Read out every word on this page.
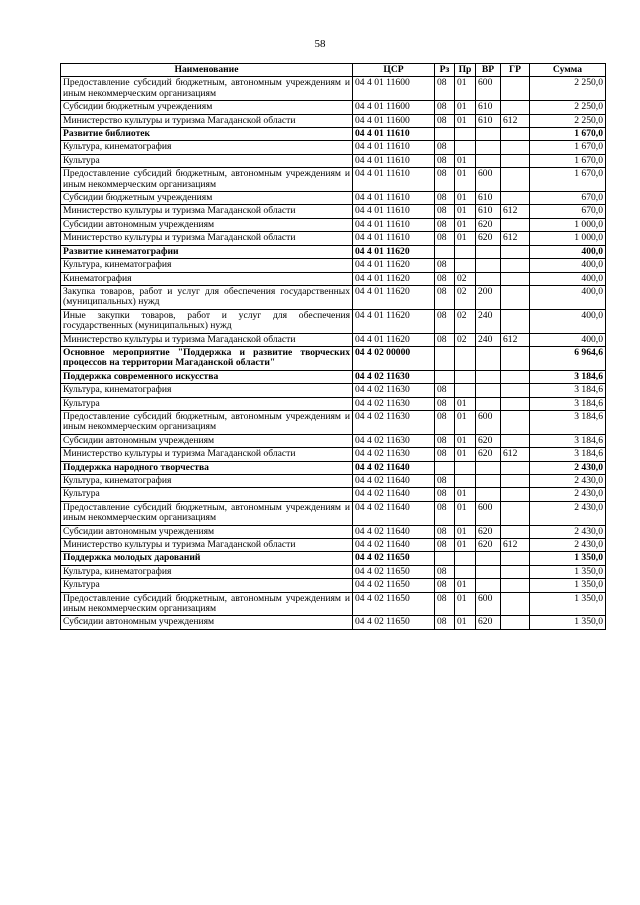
58
Наименование	ЦСР	Рз	Пр	ВР	ГР	Сумма
Предоставление субсидий бюджетным, автономным учреждениям и иным некоммерческим организациям	04 4 01 11600	08	01	600		2 250,0
Субсидии бюджетным учреждениям	04 4 01 11600	08	01	610		2 250,0
Министерство культуры и туризма Магаданской области	04 4 01 11600	08	01	610	612	2 250,0
Развитие библиотек	04 4 01 11610					1 670,0
Культура, кинематография	04 4 01 11610	08				1 670,0
Культура	04 4 01 11610	08	01			1 670,0
Предоставление субсидий бюджетным, автономным учреждениям и иным некоммерческим организациям	04 4 01 11610	08	01	600		1 670,0
Субсидии бюджетным учреждениям	04 4 01 11610	08	01	610		670,0
Министерство культуры и туризма Магаданской области	04 4 01 11610	08	01	610	612	670,0
Субсидии автономным учреждениям	04 4 01 11610	08	01	620		1 000,0
Министерство культуры и туризма Магаданской области	04 4 01 11610	08	01	620	612	1 000,0
Развитие кинематографии	04 4 01 11620					400,0
Культура, кинематография	04 4 01 11620	08				400,0
Кинематография	04 4 01 11620	08	02			400,0
Закупка товаров, работ и услуг для обеспечения государственных (муниципальных) нужд	04 4 01 11620	08	02	200		400,0
Иные закупки товаров, работ и услуг для обеспечения государственных (муниципальных) нужд	04 4 01 11620	08	02	240		400,0
Министерство культуры и туризма Магаданской области	04 4 01 11620	08	02	240	612	400,0
Основное мероприятие "Поддержка и развитие творческих процессов на территории Магаданской области"	04 4 02 00000					6 964,6
Поддержка современного искусства	04 4 02 11630					3 184,6
Культура, кинематография	04 4 02 11630	08				3 184,6
Культура	04 4 02 11630	08	01			3 184,6
Предоставление субсидий бюджетным, автономным учреждениям и иным некоммерческим организациям	04 4 02 11630	08	01	600		3 184,6
Субсидии автономным учреждениям	04 4 02 11630	08	01	620		3 184,6
Министерство культуры и туризма Магаданской области	04 4 02 11630	08	01	620	612	3 184,6
Поддержка народного творчества	04 4 02 11640					2 430,0
Культура, кинематография	04 4 02 11640	08				2 430,0
Культура	04 4 02 11640	08	01			2 430,0
Предоставление субсидий бюджетным, автономным учреждениям и иным некоммерческим организациям	04 4 02 11640	08	01	600		2 430,0
Субсидии автономным учреждениям	04 4 02 11640	08	01	620		2 430,0
Министерство культуры и туризма Магаданской области	04 4 02 11640	08	01	620	612	2 430,0
Поддержка молодых дарований	04 4 02 11650					1 350,0
Культура, кинематография	04 4 02 11650	08				1 350,0
Культура	04 4 02 11650	08	01			1 350,0
Предоставление субсидий бюджетным, автономным учреждениям и иным некоммерческим организациям	04 4 02 11650	08	01	600		1 350,0
Субсидии автономным учреждениям	04 4 02 11650	08	01	620		1 350,0
